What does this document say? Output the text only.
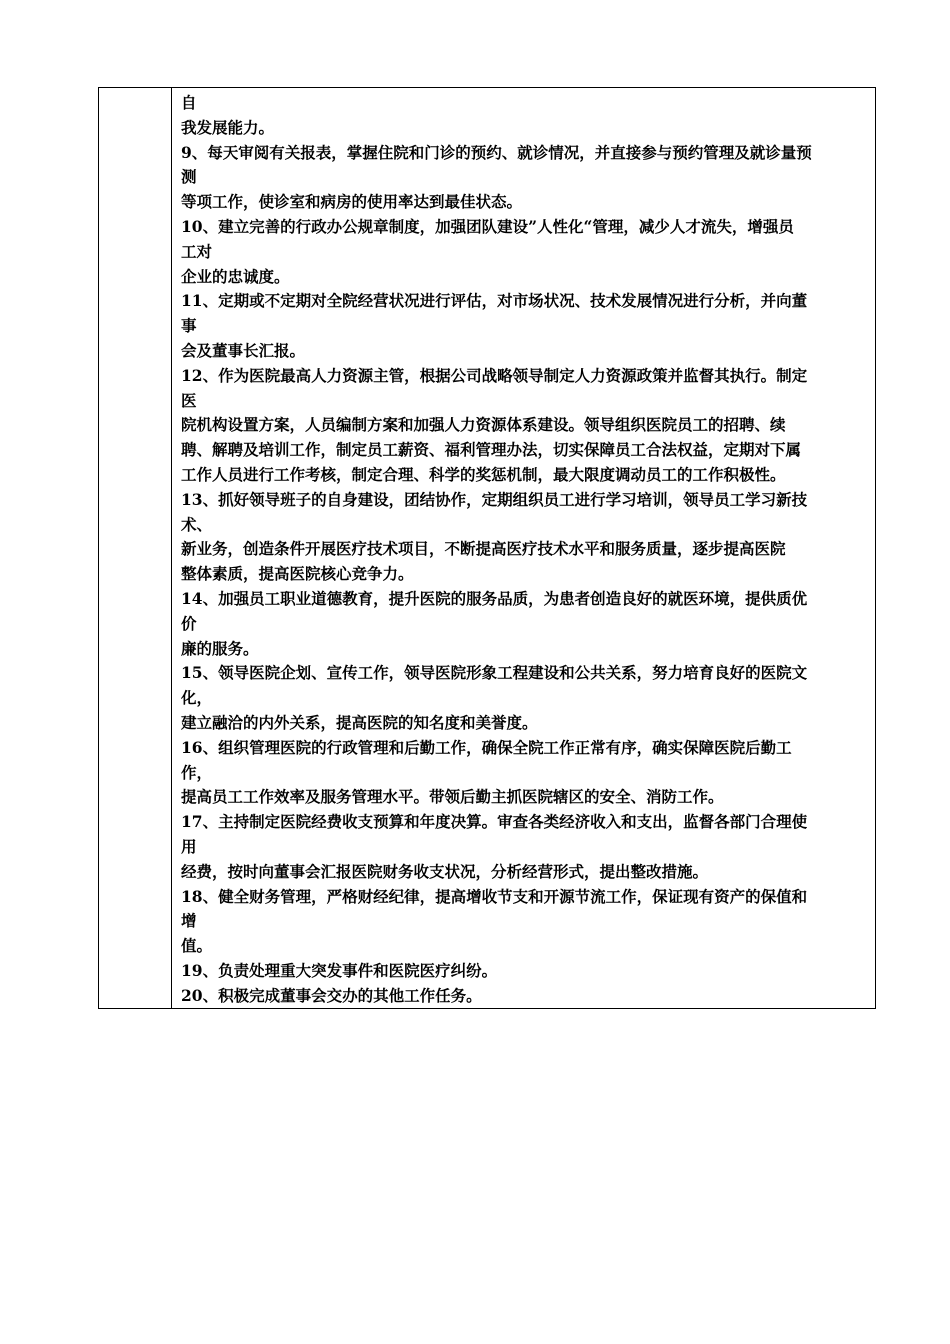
自
我发展能力。
9、每天审阅有关报表，掌握住院和门诊的预约、就诊情况，并直接参与预约管理及就诊量预
测
等项工作，使诊室和病房的使用率达到最佳状态。
10、建立完善的行政办公规章制度，加强团队建设”人性化“管理，减少人才流失，增强员
工对
企业的忠诚度。
11、定期或不定期对全院经营状况进行评估，对市场状况、技术发展情况进行分析，并向董
事
会及董事长汇报。
12、作为医院最高人力资源主管，根据公司战略领导制定人力资源政策并监督其执行。制定
医
院机构设置方案，人员编制方案和加强人力资源体系建设。领导组织医院员工的招聘、续
聘、解聘及培训工作，制定员工薪资、福利管理办法，切实保障员工合法权益，定期对下属
工作人员进行工作考核，制定合理、科学的奖惩机制，最大限度调动员工的工作积极性。
13、抓好领导班子的自身建设，团结协作，定期组织员工进行学习培训，领导员工学习新技
术、
新业务，创造条件开展医疗技术项目，不断提高医疗技术水平和服务质量，逐步提高医院
整体素质，提高医院核心竞争力。
14、加强员工职业道德教育，提升医院的服务品质，为患者创造良好的就医环境，提供质优
价
廉的服务。
15、领导医院企划、宣传工作，领导医院形象工程建设和公共关系，努力培育良好的医院文
化，
建立融洽的内外关系，提高医院的知名度和美誉度。
16、组织管理医院的行政管理和后勤工作，确保全院工作正常有序，确实保障医院后勤工
作，
提高员工工作效率及服务管理水平。带领后勤主抓医院辖区的安全、消防工作。
17、主持制定医院经费收支预算和年度决算。审查各类经济收入和支出，监督各部门合理使
用
经费，按时向董事会汇报医院财务收支状况，分析经营形式，提出整改措施。
18、健全财务管理，严格财经纪律，提高增收节支和开源节流工作，保证现有资产的保值和
增
值。
19、负责处理重大突发事件和医院医疗纠纷。
20、积极完成董事会交办的其他工作任务。
